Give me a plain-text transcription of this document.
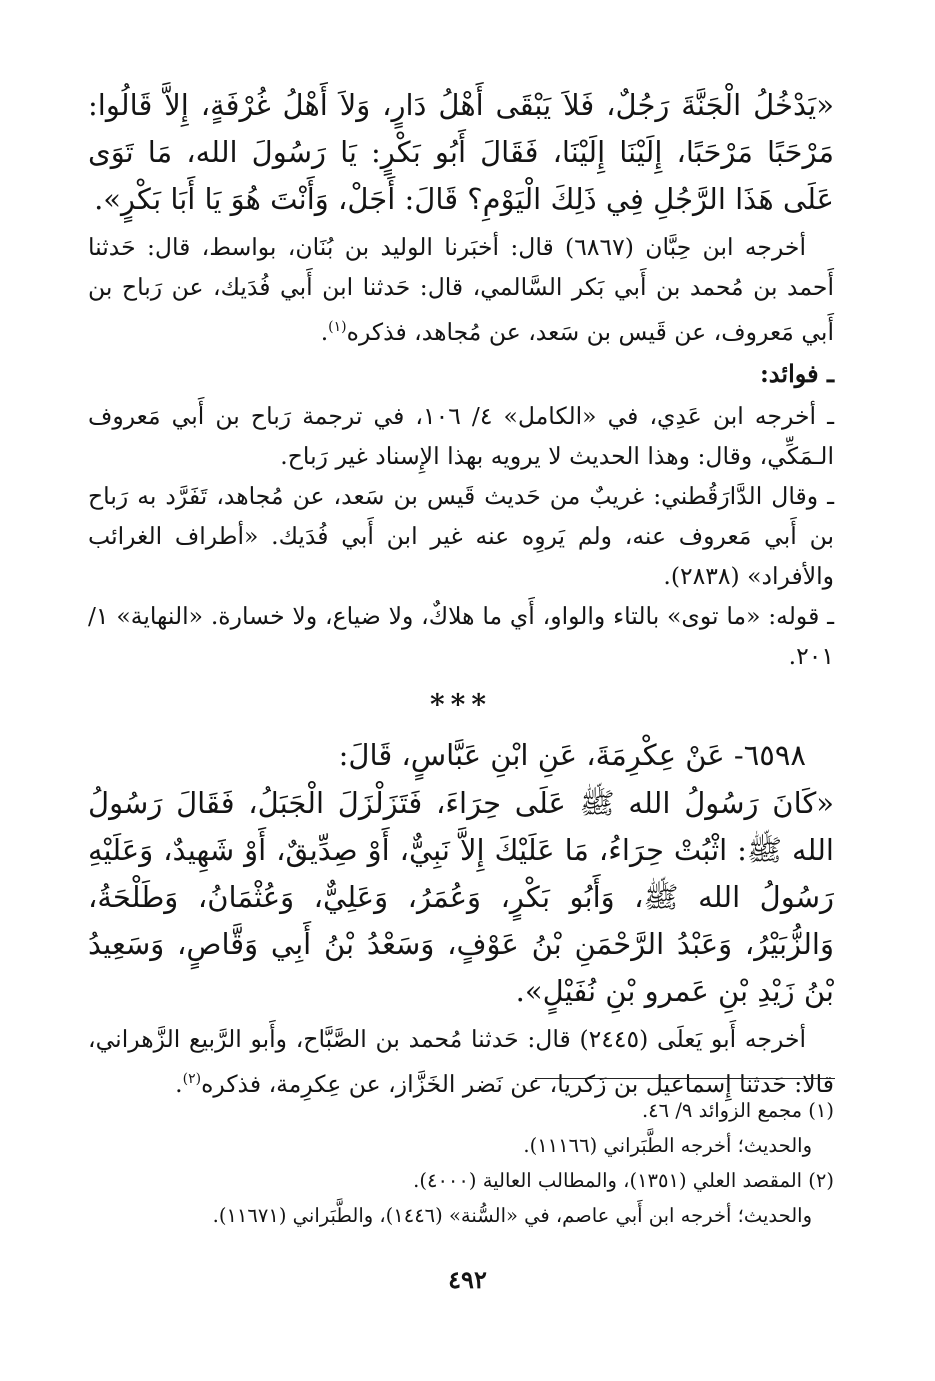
«يَدْخُلُ الْجَنَّةَ رَجُلٌ، فَلاَ يَبْقَى أَهْلُ دَارٍ، وَلاَ أَهْلُ غُرْفَةٍ، إِلاَّ قَالُوا: مَرْحَبًا مَرْحَبًا، إِلَيْنَا إِلَيْنَا، فَقَالَ أَبُو بَكْرٍ: يَا رَسُولَ الله، مَا تَوَى عَلَى هَذَا الرَّجُلِ فِي ذَلِكَ الْيَوْمِ؟ قَالَ: أَجَلْ، وَأَنْتَ هُوَ يَا أَبَا بَكْرٍ».

أخرجه ابن حِبَّان (٦٨٦٧) قال: أخبَرنا الوليد بن بُنَان، بواسط، قال: حَدثنا أَحمد بن مُحمد بن أَبي بَكر السَّالمي، قال: حَدثنا ابن أَبي فُدَيك، عن رَباح بن أَبي مَعروف، عن قَيس بن سَعد، عن مُجاهد، فذكره$^{(١)}$.

ـ فوائد:

ـ أخرجه ابن عَدِي، في «الكامل» ٤/ ١٠٦، في ترجمة رَباح بن أَبي مَعروف الـمَكِّي، وقال: وهذا الحديث لا يرويه بهذا الإِسناد غير رَباح.

ـ وقال الدَّارَقُطني: غريبٌ من حَديث قَيس بن سَعد، عن مُجاهد، تَفَرَّد به رَباح بن أَبي مَعروف عنه، ولم يَروِه عنه غير ابن أَبي فُدَيك. «أطراف الغرائب والأفراد» (٢٨٣٨).

ـ قوله: «ما توى» بالتاء والواو، أَي ما هلاكٌ، ولا ضياع، ولا خسارة. «النهاية» ١/ ٢٠١.

***

٦٥٩٨- عَنْ عِكْرِمَةَ، عَنِ ابْنِ عَبَّاسٍ، قَالَ:

«كَانَ رَسُولُ الله ﷺ عَلَى حِرَاءَ، فَتَزَلْزَلَ الْجَبَلُ، فَقَالَ رَسُولُ الله ﷺ: اثْبُتْ حِرَاءُ، مَا عَلَيْكَ إِلاَّ نَبِيٌّ، أَوْ صِدِّيقٌ، أَوْ شَهِيدٌ، وَعَلَيْهِ رَسُولُ الله ﷺ، وَأَبُو بَكْرٍ، وَعُمَرُ، وَعَلِيٌّ، وَعُثْمَانُ، وَطَلْحَةُ، وَالزُّبَيْرُ، وَعَبْدُ الرَّحْمَنِ بْنُ عَوْفٍ، وَسَعْدُ بْنُ أَبِي وَقَّاصٍ، وَسَعِيدُ بْنُ زَيْدِ بْنِ عَمرو بْنِ نُفَيْلٍ».

أخرجه أَبو يَعلَى (٢٤٤٥) قال: حَدثنا مُحمد بن الصَّبَّاح، وأَبو الرَّبيع الزَّهراني، قالا: حَدثنا إِسماعيل بن زَكريا، عن نَضر الخَزَّاز، عن عِكرِمة، فذكره$^{(٢)}$.

(١) مجمع الزوائد ٩/ ٤٦.

والحديث؛ أخرجه الطَّبَراني (١١١٦٦).

(٢) المقصد العلي (١٣٥١)، والمطالب العالية (٤٠٠٠).

والحديث؛ أخرجه ابن أَبي عاصم، في «السُّنة» (١٤٤٦)، والطَّبَراني (١١٦٧١).

٤٩٢
